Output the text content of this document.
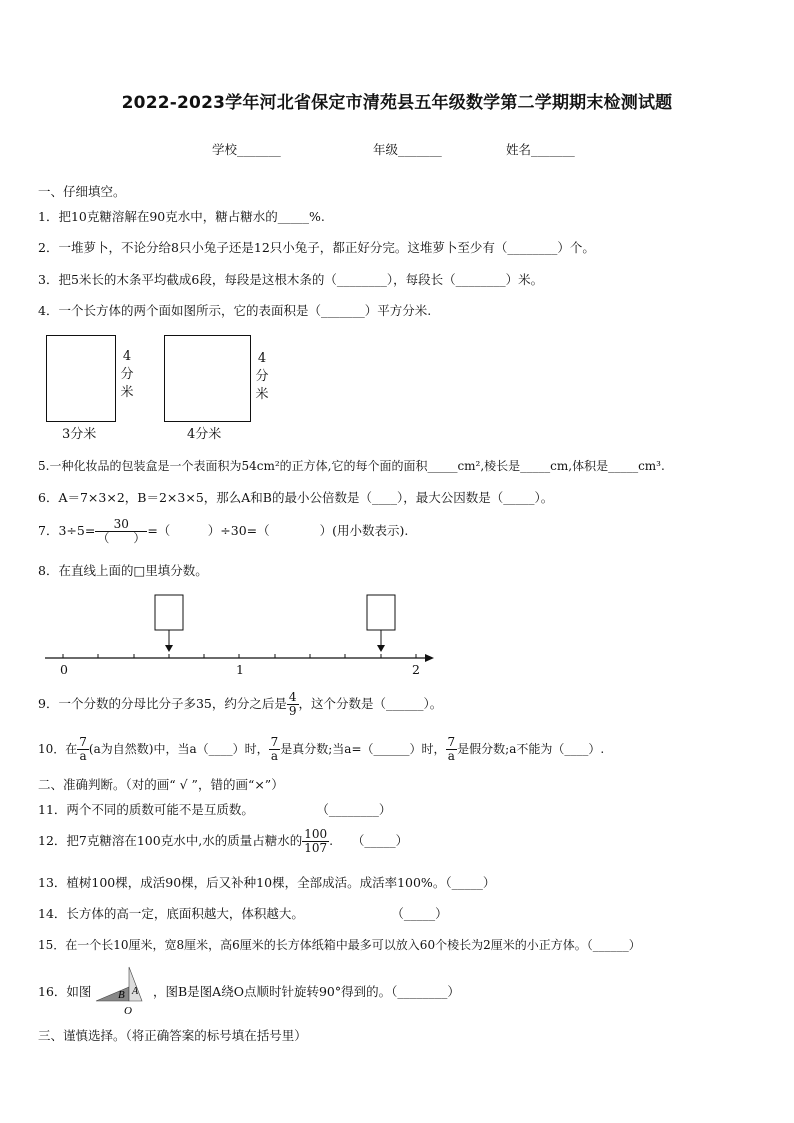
2022-2023学年河北省保定市清苑县五年级数学第二学期期末检测试题
学校_______	年级_______	姓名_______
一、仔细填空。
1．把10克糖溶解在90克水中，糖占糖水的_____%.
2．一堆萝卜，不论分给8只小兔子还是12只小兔子，都正好分完。这堆萝卜至少有（________）个。
3．把5米长的木条平均截成6段，每段是这根木条的（________），每段长（________）米。
4．一个长方体的两个面如图所示，它的表面积是（_______）平方分米.
4
分
米
3分米
4
分
米
4分米
5.一种化妆品的包装盒是一个表面积为54cm²的正方体,它的每个面的面积_____cm²,棱长是_____cm,体积是_____cm³.
6．A＝7×3×2，B＝2×3×5，那么A和B的最小公倍数是（____），最大公因数是（_____）。
7．$3\div 5= \frac{30}{( )}$ =（　　　）÷30=（　　　　）(用小数表示).
8．在直线上面的□里填分数。
0	1	2
9．一个分数的分母比分子多35，约分之后是 $\frac{4}{9}$ ，这个分数是（______）。
10．在 $\frac{7}{a} (a$为自然数)中，当a（____）时， $\frac{7}{a}$ 是真分数;当a=（______）时， $\frac{7}{a}$ 是假分数;a不能为（____）.
二、准确判断。（对的画“ √ ”，错的画“×”）
11．两个不同的质数可能不是互质数。　　　　　　（________）
12．把7克糖溶在100克水中,水的质量占糖水的 $\frac{100}{107}$ .　　（_____）
13．植树100棵，成活90棵，后又补种10棵，全部成活。成活率100%。（_____）
14．长方体的高一定，底面积越大，体积越大。　　　　　　　　（_____）
15．在一个长10厘米，宽8厘米，高6厘米的长方体纸箱中最多可以放入60个棱长为2厘米的小正方体。（______）
16．如图 B A
O
，图B是图A绕O点顺时针旋转90°得到的。（________）
三、谨慎选择。（将正确答案的标号填在括号里）
